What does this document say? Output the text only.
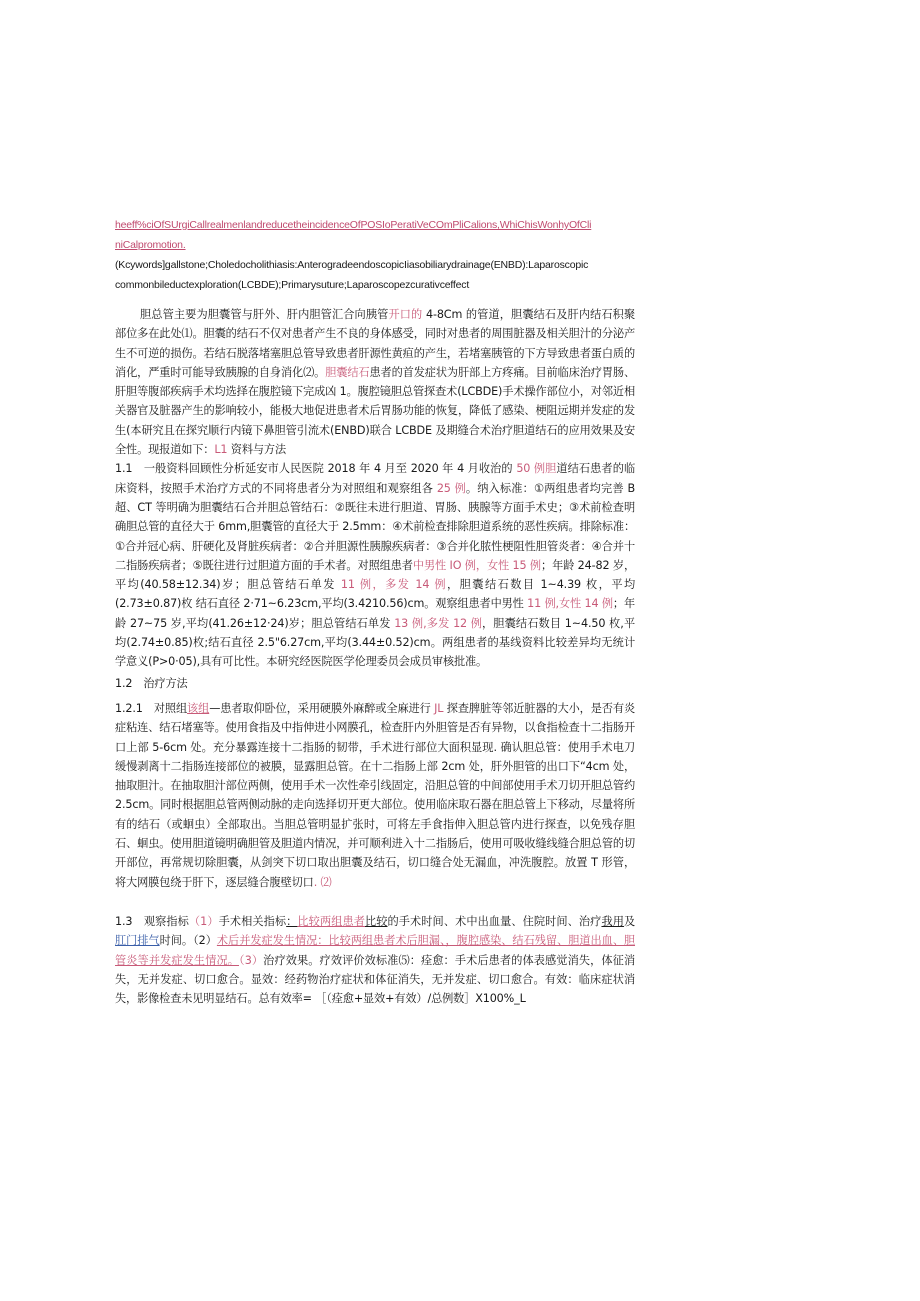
heeff%ciOfSUrgiCallrealmenlandreducetheincidenceOfPOSIoPeratiVeCOmPliCalions,WhiChisWonhyOfCli
niCalpromotion.
(Kcywords]gallstone;Choledocholithiasis:AnterogradeendoscopicIiasobiliarydrainage(ENBD):Laparoscopic
commonbileductexploration(LCBDE);Primarysuture;Laparoscopezcurativceffect

胆总管主要为胆囊管与肝外、肝内胆管汇合向胰管开口的 4-8Cm 的管道，胆囊结石及肝内结石积聚部位多在此处⑴。胆囊的结石不仅对患者产生不良的身体感受，同时对患者的周围脏器及相关胆汁的分泌产生不可逆的损伤。若结石脱落堵塞胆总管导致患者肝源性黄疸的产生，若堵塞胰管的下方导致患者蛋白质的消化，严重时可能导致胰腺的自身消化⑵。胆囊结石患者的首发症状为肝部上方疼痛。目前临床治疗胃肠、肝胆等腹部疾病手术均选择在腹腔镜下完成凶 1。腹腔镜胆总管探查术(LCBDE)手术操作部位小，对邻近相关器官及脏器产生的影响较小，能极大地促进患者术后胃肠功能的恢复，降低了感染、梗阻远期并发症的发生(本研究且在探究顺行内镜下鼻胆管引流术(ENBD)联合 LCBDE 及期缝合术治疗胆道结石的应用效果及安全性。现报道如下：L1 资料与方法

1.1　一般资料回顾性分析延安市人民医院 2018 年 4 月至 2020 年 4 月收治的 50 例胆道结石患者的临床资料，按照手术治疗方式的不同将患者分为对照组和观察组各 25 例。纳入标准：①两组患者均完善 B 超、CT 等明确为胆囊结石合并胆总管结石：②既往未进行胆道、胃肠、胰腺等方面手术史；③术前检查明确胆总管的直径大于 6mm,胆囊管的直径大于 2.5mm：④术前检查排除胆道系统的恶性疾病。排除标准：①合并冠心病、肝硬化及肾脏疾病者：②合并胆源性胰腺疾病者：③合并化脓性梗阻性胆管炎者：④合并十二指肠疾病者；⑤既往进行过胆道方面的手术者。对照组患者中男性 IO 例，女性 15 例；年龄 24-82 岁，平均(40.58±12.34)岁；胆总管结石单发 11 例，多发 14 例，胆囊结石数目 1~4.39 枚，平均(2.73±0.87)枚 结石直径 2·71~6.23cm,平均(3.4210.56)cm。观察组患者中男性 11 例,女性 14 例；年龄 27~75 岁,平均(41.26±12·24)岁；胆总管结石单发 13 例,多发 12 例，胆囊结石数目 1~4.50 枚,平均(2.74±0.85)枚;结石直径 2.5"6.27cm,平均(3.44±0.52)cm。两组患者的基线资料比较差异均无统计学意义(P>0·05),具有可比性。本研究经医院医学伦理委员会成员审核批准。

1.2　治疗方法

1.2.1　对照组该组—患者取仰卧位，采用硬膜外麻醉或全麻进行 JL 探查脾脏等邻近脏器的大小，是否有炎症粘连、结石堵塞等。使用食指及中指伸进小网膜孔，检查肝内外胆管是否有异物，以食指检查十二指肠开口上部 5-6cm 处。充分暴露连接十二指肠的韧带，手术进行部位大面积显现. 确认胆总管：使用手术电刀缓慢剥离十二指肠连接部位的被膜，显露胆总管。在十二指肠上部 2cm 处，肝外胆管的出口下“4cm 处，抽取胆汁。在抽取胆汁部位两侧，使用手术一次性牵引线固定，沿胆总管的中间部使用手术刀切开胆总管约 2.5cm。同时根据胆总管两侧动脉的走向选择切开更大部位。使用临床取石器在胆总管上下移动，尽量将所有的结石（或蛔虫）全部取出。当胆总管明显扩张时，可将左手食指伸入胆总管内进行探查，以免残存胆石、蛔虫。使用胆道镜明确胆管及胆道内情况，并可顺利进入十二指肠后，使用可吸收缝线缝合胆总管的切开部位，再常规切除胆囊，从剑突下切口取出胆囊及结石，切口缝合处无漏血，冲洗腹腔。放置 T 形管，将大网膜包绕于肝下，逐层缝合腹壁切口. ⑵

1.3　观察指标（1）手术相关指标：比较两组患者比较的手术时间、术中出血量、住院时间、治疗我用及肛门排气时间。（2）术后并发症发生情况：比较两组患者术后胆漏、，腹腔感染、结石残留、胆道出血、胆管炎等并发症发生情况。（3）治疗效果。疗效评价效标准⑸：痊愈：手术后患者的体表感觉消失，体征消失，无并发症、切口愈合。显效：经药物治疗症状和体征消失，无并发症、切口愈合。有效：临床症状消失，影像检查未见明显结石。总有效率= ［（痊愈+显效+有效）/总例数］X100%_L
